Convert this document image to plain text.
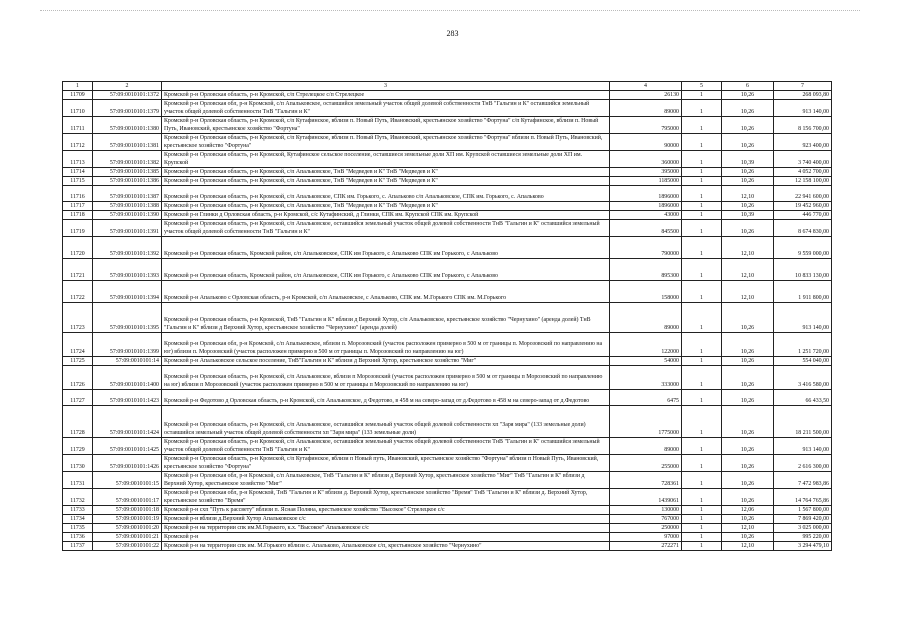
283
1	2	3	4	5	6	7
11709	57:09:0010101:1372	Кромской р-н Орловская область, р-н Кромской, с/п Стрелецкое с/п Стрелецкое	26130	1	10,26	268 093,80
11710	57:09:0010101:1379	Кромской р-н Орловская обл, р-н Кромской, с/п Апальковское, оставшийся земельный участок общей долевой собственности ТнВ "Гальгин и К" оставшийся земельный участок общей долевой собственности ТнВ "Гальгин и К"	89000	1	10,26	913 140,00
11711	57:09:0010101:1380	Кромской р-н Орловская область, р-н Кромской, с/п Кутафинское, вблизи п. Новый Путь, Ивановский, крестьянское хозяйство "Фортуна" с/п Кутафинское, вблизи п. Новый Путь, Ивановский, крестьянское хозяйство "Фортуна"	795000	1	10,26	8 156 700,00
11712	57:09:0010101:1381	Кромской р-н Орловская область, р-н Кромской, с/п Кутафинское, вблизи п. Новый Путь, Ивановский, крестьянское хозяйство "Фортуна" вблизи п. Новый Путь, Ивановский, крестьянское хозяйство "Фортуна"	90000	1	10,26	923 400,00
11713	57:09:0010101:1382	Кромской р-н Орловская область, р-н Кромской, Кутафинское сельское поселение, оставшиеся земельные доли ХП им. Крупской оставшиеся земельные доли ХП им. Крупской	360000	1	10,39	3 740 400,00
11714	57:09:0010101:1385	Кромской р-н Орловская область, р-н Кромской, с/п Апальковское, ТнВ "Медведев и К" ТнВ "Медведев и К"	395000	1	10,26	4 052 700,00
11715	57:09:0010101:1386	Кромской р-н Орловская область, р-н Кромской, с/п Апальковское, ТнВ "Медведев и К" ТнВ "Медведев и К"	1185000	1	10,26	12 158 100,00
11716	57:09:0010101:1387	Кромской р-н Орловская область, р-н Кромской, с/п Апальковское, СПК им. Горького, с. Апальково с/п Апальковское, СПК им. Горького, с. Апальково	1896000	1	12,10	22 941 600,00
11717	57:09:0010101:1388	Кромской р-н Орловская область, р-н Кромской, с/п Апальковское, ТнВ "Медведев и К" ТнВ "Медведев и К"	1896000	1	10,26	19 452 960,00
11718	57:09:0010101:1390	Кромской р-н Глинки д Орловская область, р-н Кромской, с/с Кутафинский, д Глинки, СПК им. Крупской СПК им. Крупской	43000	1	10,39	446 770,00
11719	57:09:0010101:1391	Кромской р-н Орловская область, р-н Кромской, с/п Апальковское, оставшийся земельный участок общей долевой собственности ТнВ "Гальгин и К" оставшийся земельный участок общей долевой собственности ТнВ "Гальгин и К"	845500	1	10,26	8 674 830,00
11720	57:09:0010101:1392	Кромской р-н Орловская область, Кромской район, с/п Апальковское, СПК им Горького, с Апальково СПК им Горького, с Апальково	790000	1	12,10	9 559 000,00
11721	57:09:0010101:1393	Кромской р-н Орловская область, Кромской район, с/п Апальковское, СПК им Горького, с Апальково СПК им Горького, с Апальково	895300	1	12,10	10 833 130,00
11722	57:09:0010101:1394	Кромской р-н Апальково с Орловская область, р-н Кромской, с/п Апальковское, с Апальково, СПК им. М.Горького СПК им. М.Горького	158000	1	12,10	1 911 800,00
11723	57:09:0010101:1395	Кромской р-н Орловская область, р-н Кромской, ТнВ "Гальгин и К" вблизи д Верхний Хутор, с/п Апальковское, крестьянское хозяйство "Чернухино" (аренда долей) ТнВ "Гальгин и К" вблизи д Верхний Хутор, крестьянское хозяйство "Чернухино" (аренда долей)	89000	1	10,26	913 140,00
11724	57:09:0010101:1399	Кромской р-н Орловская обл, р-н Кромской, с/п Апальковское, вблизи п. Морозовский (участок расположен примерно в 500 м от границы п. Морозовский по направлению на юг) вблизи п. Морозовский (участок расположен примерно в 500 м от границы п. Морозовский по направлению на юг)	122000	1	10,26	1 251 720,00
11725	57:09:0010101:14	Кромской р-н Апальковское сельское поселение, ТнВ"Гальгин и К" вблизи д Верхний Хутор, крестьянское хозяйство "Миг"	54000	1	10,26	554 040,00
11726	57:09:0010101:1400	Кромской р-н Орловская область, р-н Кромской, с/п Апальковское, вблизи п Морозовский (участок расположен примерно в 500 м от границы п Морозовский по направлению на юг) вблизи п Морозовский (участок расположен примерно в 500 м от границы п Морозовский по направлению на юг)	333000	1	10,26	3 416 580,00
11727	57:09:0010101:1423	Кромской р-н Федотово д Орловская область, р-н Кромской, с/п Апальковское, д Федотово, в 458 м на северо-запад от д.Федотово в 458 м на северо-запад от д.Федотово	6475	1	10,26	66 433,50
11728	57:09:0010101:1424	Кромской р-н Орловская область, р-н Кромской, с/п Апальковское, оставшийся земельный участок общей долевой собственности хп "Заря мира" (133 земельные доли) оставшийся земельный участок общей долевой собственности хп "Заря мира" (133 земельные доли)	1775000	1	10,26	18 211 500,00
11729	57:09:0010101:1425	Кромской р-н Орловская область, р-н Кромской, с/п Апальковское, оставшийся земельный участок общей долевой собственности ТнВ "Гальгин и К" оставшийся земельный участок общей долевой собственности ТнВ "Гальгин и К"	89000	1	10,26	913 140,00
11730	57:09:0010101:1426	Кромской р-н Орловская область, р-н Кромской, с/п Кутафинское, вблизи п Новый путь, Ивановский, крестьянское хозяйство "Фортуна" вблизи п Новый Путь, Ивановский, крестьянское хозяйство "Фортуна"	255000	1	10,26	2 616 300,00
11731	57:09:0010101:15	Кромской р-н Орловская обл, р-н Кромской, с/п Апальковское, ТнВ "Гальгин и К" вблизи д Верхний Хутор, крестьянское хозяйство "Миг" ТнВ "Гальгин и К" вблизи д Верхний Хутор, крестьянское хозяйство "Миг"	728361	1	10,26	7 472 983,86
11732	57:09:0010101:17	Кромской р-н Орловская обл, р-н Кромской, ТнВ "Гальгин и К" вблизи д. Верхний Хутор, крестьянское хозяйство "Время" ТнВ "Гальгин и К" вблизи д. Верхний Хутор, крестьянское хозяйство "Время"	1439061	1	10,26	14 764 765,86
11733	57:09:0010101:18	Кромской р-н схп "Путь к рассвету" вблизи п. Ясная Поляна, крестьянское хозяйство "Высокое" Стрелецкое с/с	130000	1	12,06	1 567 800,00
11734	57:09:0010101:19	Кромской р-н вблизи д.Верхний Хутор Апальковское с/с	767000	1	10,26	7 869 420,00
11735	57:09:0010101:20	Кромской р-н на территории спк им.М.Горького, к.х. "Высокое" Апальковское с/с	250000	1	12,10	3 025 000,00
11736	57:09:0010101:21	Кромской р-н	97000	1	10,26	995 220,00
11737	57:09:0010101:22	Кромской р-н на территории спк им. М.Горького вблизи с. Апальково, Апальковское с/п, крестьянское хозяйство "Чернухино"	272271	1	12,10	3 294 479,10
